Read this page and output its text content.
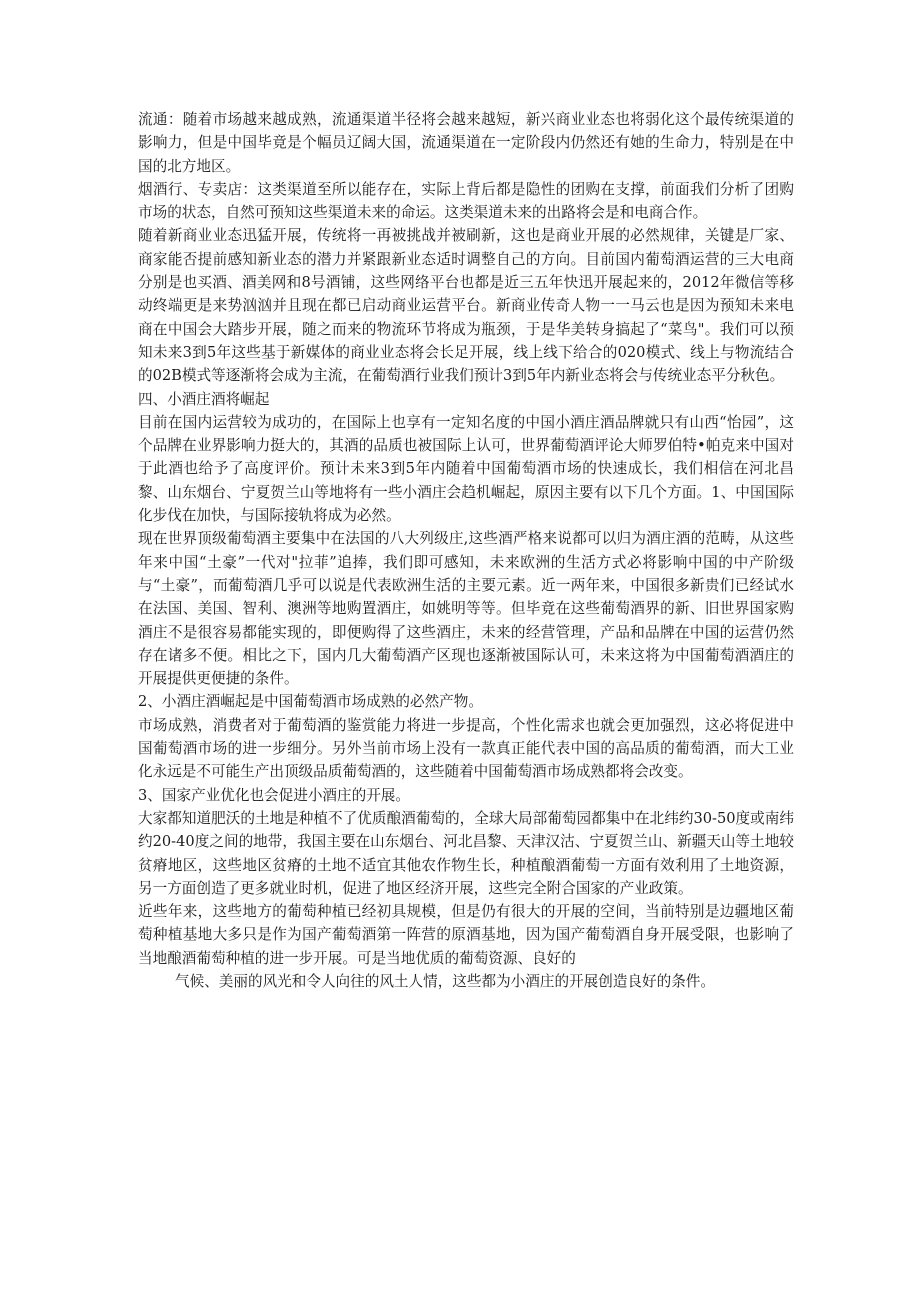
流通：随着市场越来越成熟，流通渠道半径将会越来越短，新兴商业业态也将弱化这个最传统渠道的影响力，但是中国毕竟是个幅员辽阔大国，流通渠道在一定阶段内仍然还有她的生命力，特别是在中国的北方地区。

烟酒行、专卖店：这类渠道至所以能存在，实际上背后都是隐性的团购在支撑，前面我们分析了团购市场的状态，自然可预知这些渠道未来的命运。这类渠道未来的出路将会是和电商合作。

随着新商业业态迅猛开展，传统将一再被挑战并被刷新，这也是商业开展的必然规律，关键是厂家、商家能否提前感知新业态的潜力并紧跟新业态适时调整自己的方向。目前国内葡萄酒运营的三大电商分别是也买酒、酒美网和8号酒铺，这些网络平台也都是近三五年快迅开展起来的，2012年微信等移动终端更是来势汹汹并且现在都已启动商业运营平台。新商业传奇人物一一马云也是因为预知未来电商在中国会大踏步开展，随之而来的物流环节将成为瓶颈，于是华美转身搞起了“菜鸟"。我们可以预知未来3到5年这些基于新媒体的商业业态将会长足开展，线上线下给合的020模式、线上与物流结合的02B模式等逐渐将会成为主流，在葡萄酒行业我们预计3到5年内新业态将会与传统业态平分秋色。

四、小酒庄酒将崛起

目前在国内运营较为成功的，在国际上也享有一定知名度的中国小酒庄酒品牌就只有山西“怡园”，这个品牌在业界影响力挺大的，其酒的品质也被国际上认可，世界葡萄酒评论大师罗伯特•帕克来中国对于此酒也给予了高度评价。预计未来3到5年内随着中国葡萄酒市场的快速成长，我们相信在河北昌黎、山东烟台、宁夏贺兰山等地将有一些小酒庄会趋机崛起，原因主要有以下几个方面。1、中国国际化步伐在加快，与国际接轨将成为必然。

现在世界顶级葡萄酒主要集中在法国的八大列级庄,这些酒严格来说都可以归为酒庄酒的范畴，从这些年来中国“土豪”一代对"拉菲”追捧，我们即可感知，未来欧洲的生活方式必将影响中国的中产阶级与“土豪”，而葡萄酒几乎可以说是代表欧洲生活的主要元素。近一两年来，中国很多新贵们已经试水在法国、美国、智利、澳洲等地购置酒庄，如姚明等等。但毕竟在这些葡萄酒界的新、旧世界国家购酒庄不是很容易都能实现的，即便购得了这些酒庄，未来的经营管理，产品和品牌在中国的运营仍然存在诸多不便。相比之下，国内几大葡萄酒产区现也逐渐被国际认可，未来这将为中国葡萄酒酒庄的开展提供更便捷的条件。

2、小酒庄酒崛起是中国葡萄酒市场成熟的必然产物。

市场成熟，消费者对于葡萄酒的鉴赏能力将进一步提高，个性化需求也就会更加强烈，这必将促进中国葡萄酒市场的进一步细分。另外当前市场上没有一款真正能代表中国的高品质的葡萄酒，而大工业化永远是不可能生产出顶级品质葡萄酒的，这些随着中国葡萄酒市场成熟都将会改变。

3、国家产业优化也会促进小酒庄的开展。

大家都知道肥沃的土地是种植不了优质酿酒葡萄的，全球大局部葡萄园都集中在北纬约30-50度或南纬约20-40度之间的地带，我国主要在山东烟台、河北昌黎、天津汉沽、宁夏贺兰山、新疆天山等土地较贫瘠地区，这些地区贫瘠的土地不适宜其他农作物生长，种植酿酒葡萄一方面有效利用了土地资源，另一方面创造了更多就业时机，促进了地区经济开展，这些完全附合国家的产业政策。

近些年来，这些地方的葡萄种植已经初具规模，但是仍有很大的开展的空间，当前特别是边疆地区葡萄种植基地大多只是作为国产葡萄酒第一阵营的原酒基地，因为国产葡萄酒自身开展受限，也影响了当地酿酒葡萄种植的进一步开展。可是当地优质的葡萄资源、良好的

气候、美丽的风光和令人向往的风土人情，这些都为小酒庄的开展创造良好的条件。
